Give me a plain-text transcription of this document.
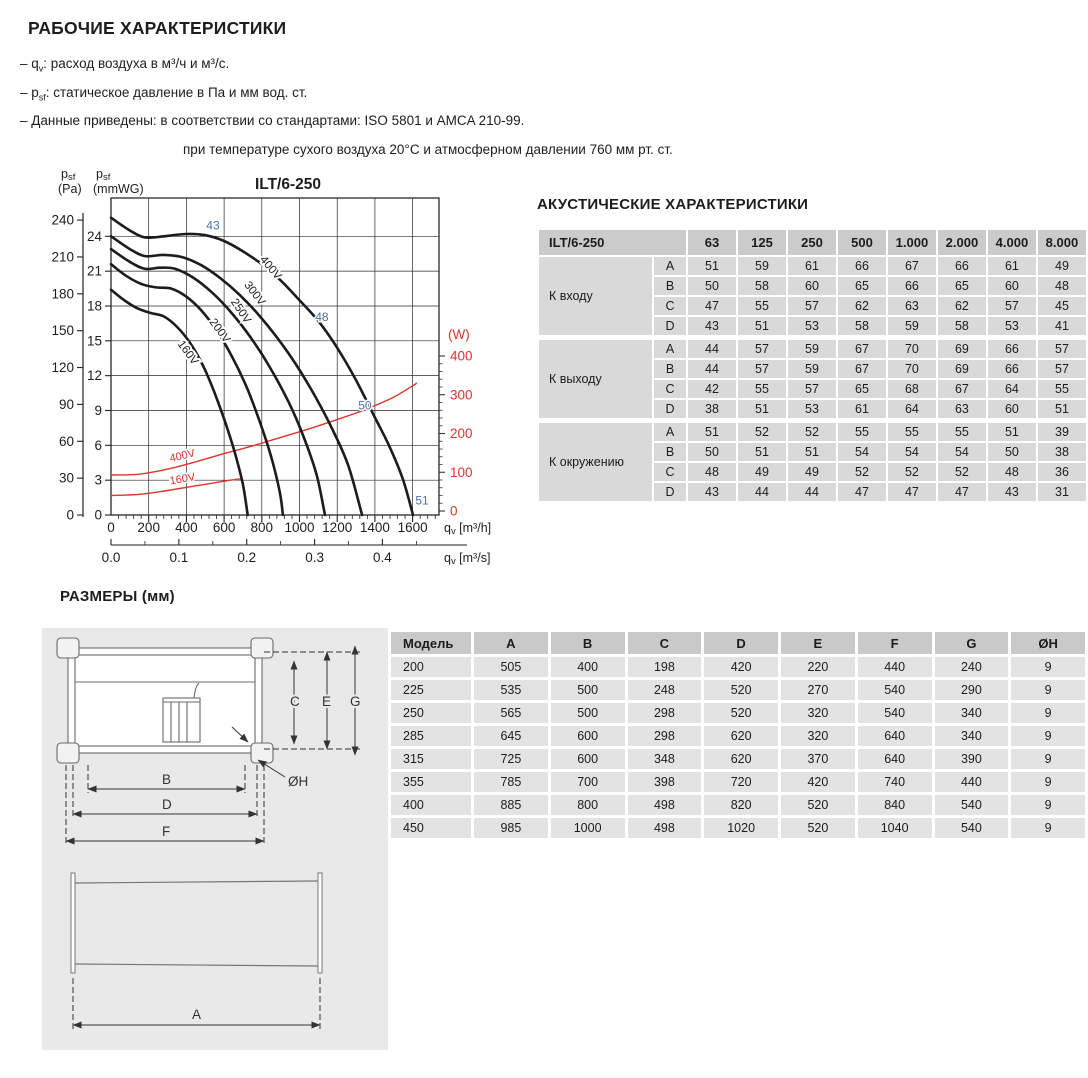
РАБОЧИЕ ХАРАКТЕРИСТИКИ
– $q_v$: расход воздуха в м³/ч и м³/с.
– $p_{sf}$: статическое давление в Па и мм вод. ст.
– Данные приведены: в соответствии со стандартами: ISO 5801 и AMCA 210-99.
при температуре сухого воздуха 20°C и атмосферном давлении 760 мм рт. ст.
0 200 400 600 800 1000 1200 1400 1600 qv [m³/h]
0.0	0.1	0.2	0.3	0.4	qv [m³/s]
0
30
60
90
120
150
180
210
240
psf
(Pa)
0
3
6
9
12
15
18
21
24
psf
(mmWG)
0
100
200
300
400
(W)
ILT/6-250
400V
160V
160V
200V
250V
300V
400V
43
48
50
51
АКУСТИЧЕСКИЕ ХАРАКТЕРИСТИКИ
ILT/6-250		63	125	250	500	1.000	2.000	4.000	8.000
К входу	A	51	59	61	66	67	66	61	49
	B	50	58	60	65	66	65	60	48
	C	47	55	57	62	63	62	57	45
	D	43	51	53	58	59	58	53	41
К выходу	A	44	57	59	67	70	69	66	57
	B	44	57	59	67	70	69	66	57
	C	42	55	57	65	68	67	64	55
	D	38	51	53	61	64	63	60	51
К окружению	A	51	52	52	55	55	55	51	39
	B	50	51	51	54	54	54	50	38
	C	48	49	49	52	52	52	48	36
	D	43	44	44	47	47	47	43	31
РАЗМЕРЫ (мм)
C E G
B
D
F
ØH
A
Модель	A	B	C	D	E	F	G	ØH
200	505	400	198	420	220	440	240	9
225	535	500	248	520	270	540	290	9
250	565	500	298	520	320	540	340	9
285	645	600	298	620	320	640	340	9
315	725	600	348	620	370	640	390	9
355	785	700	398	720	420	740	440	9
400	885	800	498	820	520	840	540	9
450	985	1000	498	1020	520	1040	540	9
